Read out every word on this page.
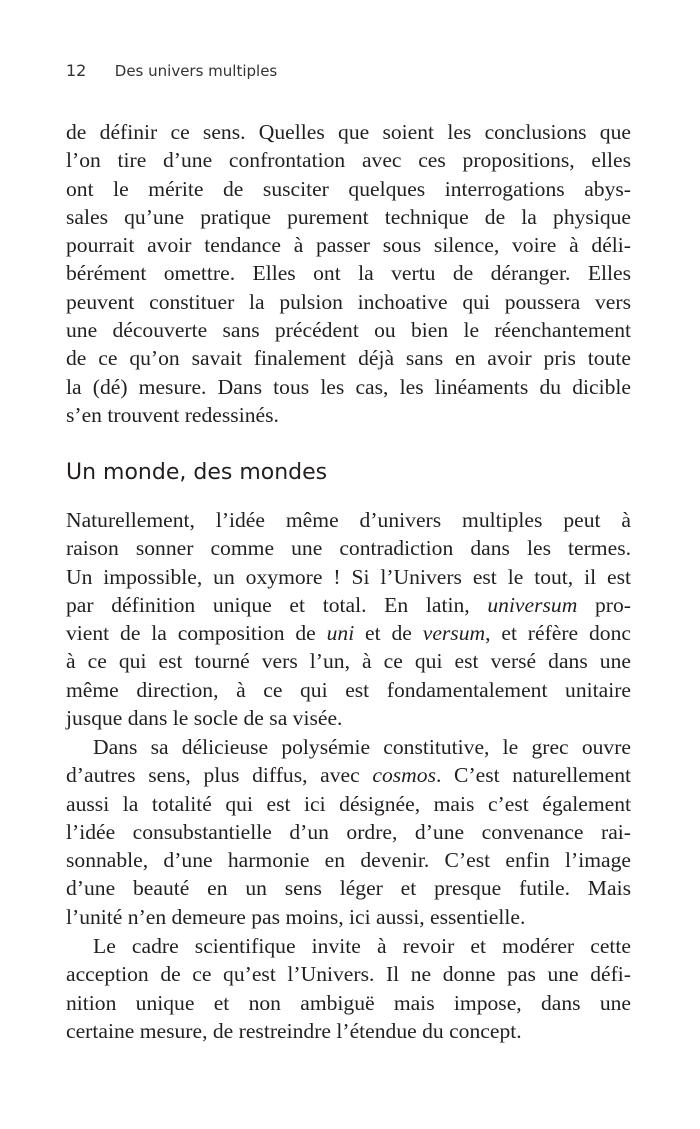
12 Des univers multiples
de définir ce sens. Quelles que soient les conclusions que
l’on tire d’une confrontation avec ces propositions, elles
ont le mérite de susciter quelques interrogations abys-
sales qu’une pratique purement technique de la physique
pourrait avoir tendance à passer sous silence, voire à déli-
bérément omettre. Elles ont la vertu de déranger. Elles
peuvent constituer la pulsion inchoative qui poussera vers
une découverte sans précédent ou bien le réenchantement
de ce qu’on savait finalement déjà sans en avoir pris toute
la (dé) mesure. Dans tous les cas, les linéaments du dicible
s’en trouvent redessinés.
Un monde, des mondes
Naturellement, l’idée même d’univers multiples peut à
raison sonner comme une contradiction dans les termes.
Un impossible, un oxymore ! Si l’Univers est le tout, il est
par définition unique et total. En latin, universum pro-
vient de la composition de uni et de versum, et réfère donc
à ce qui est tourné vers l’un, à ce qui est versé dans une
même direction, à ce qui est fondamentalement unitaire
jusque dans le socle de sa visée.
Dans sa délicieuse polysémie constitutive, le grec ouvre
d’autres sens, plus diffus, avec cosmos. C’est naturellement
aussi la totalité qui est ici désignée, mais c’est également
l’idée consubstantielle d’un ordre, d’une convenance rai-
sonnable, d’une harmonie en devenir. C’est enfin l’image
d’une beauté en un sens léger et presque futile. Mais
l’unité n’en demeure pas moins, ici aussi, essentielle.
Le cadre scientifique invite à revoir et modérer cette
acception de ce qu’est l’Univers. Il ne donne pas une défi-
nition unique et non ambiguë mais impose, dans une
certaine mesure, de restreindre l’étendue du concept.
